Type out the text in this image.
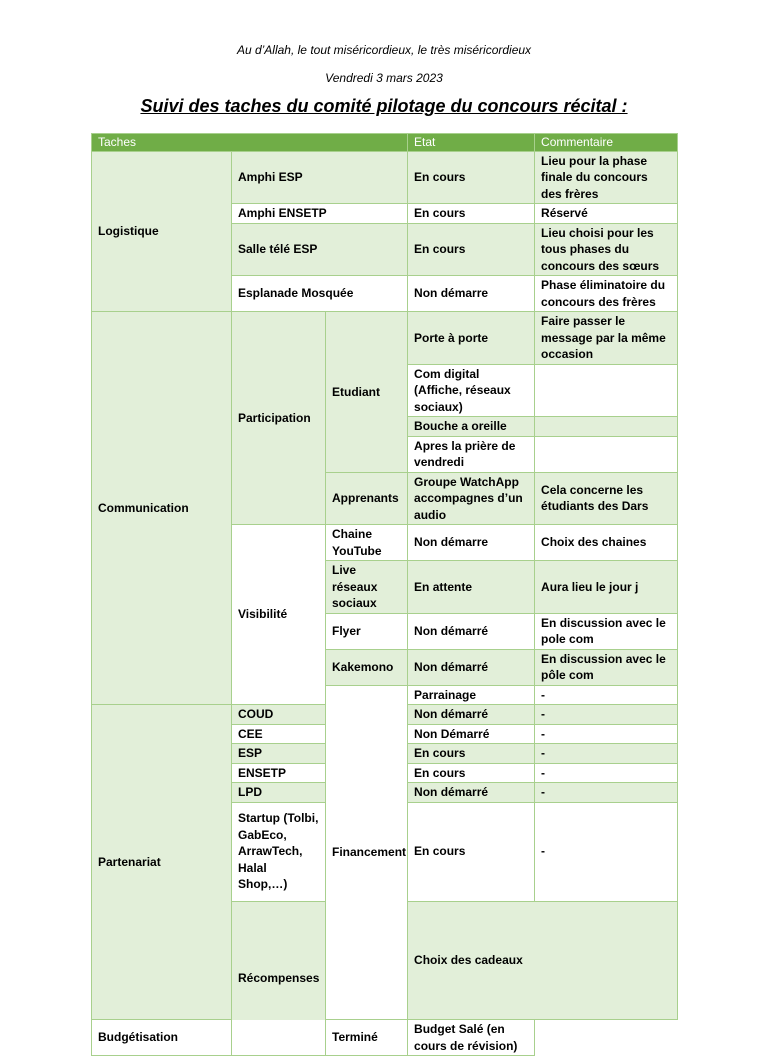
Au d’Allah, le tout miséricordieux, le très miséricordieux
Vendredi 3 mars 2023
Suivi des taches du comité pilotage du concours récital :
Taches			Etat	Commentaire	
Logistique	Amphi ESP		En cours	Lieu pour la phase finale du concours des frères	
	Amphi ENSETP		En cours	Réservé	
	Salle télé ESP		En cours	Lieu choisi pour les tous phases du concours des sœurs	
	Esplanade Mosquée		Non démarre	Phase éliminatoire du concours des frères	
Communication	Participation	Etudiant	Porte à porte	Faire passer le message par la même occasion	
			Com digital (Affiche, réseaux sociaux)		
			Bouche a oreille		
			Apres la prière de vendredi		
		Apprenants	Groupe WatchApp accompagnes d’un audio	Cela concerne les étudiants des Dars	
	Visibilité	Chaine YouTube	Non démarre	Choix des chaines	
		Live réseaux sociaux	En attente	Aura lieu le jour j	
		Flyer	Non démarré	En discussion avec le pole com	
		Kakemono	Non démarré	En discussion avec le pôle com	
		Financement	Parrainage	-		
Partenariat	COUD		Non démarré	-	
	CEE		Non Démarré	-	
	ESP		En cours	-	
	ENSETP		En cours	-	
	LPD		Non démarré	-	
	Startup (Tolbi, GabEco, ArrawTech, Halal Shop,…)		En cours	-	
	Récompenses		Choix des cadeaux		
Budgétisation		Terminé	Budget Salé (en cours de révision)		
